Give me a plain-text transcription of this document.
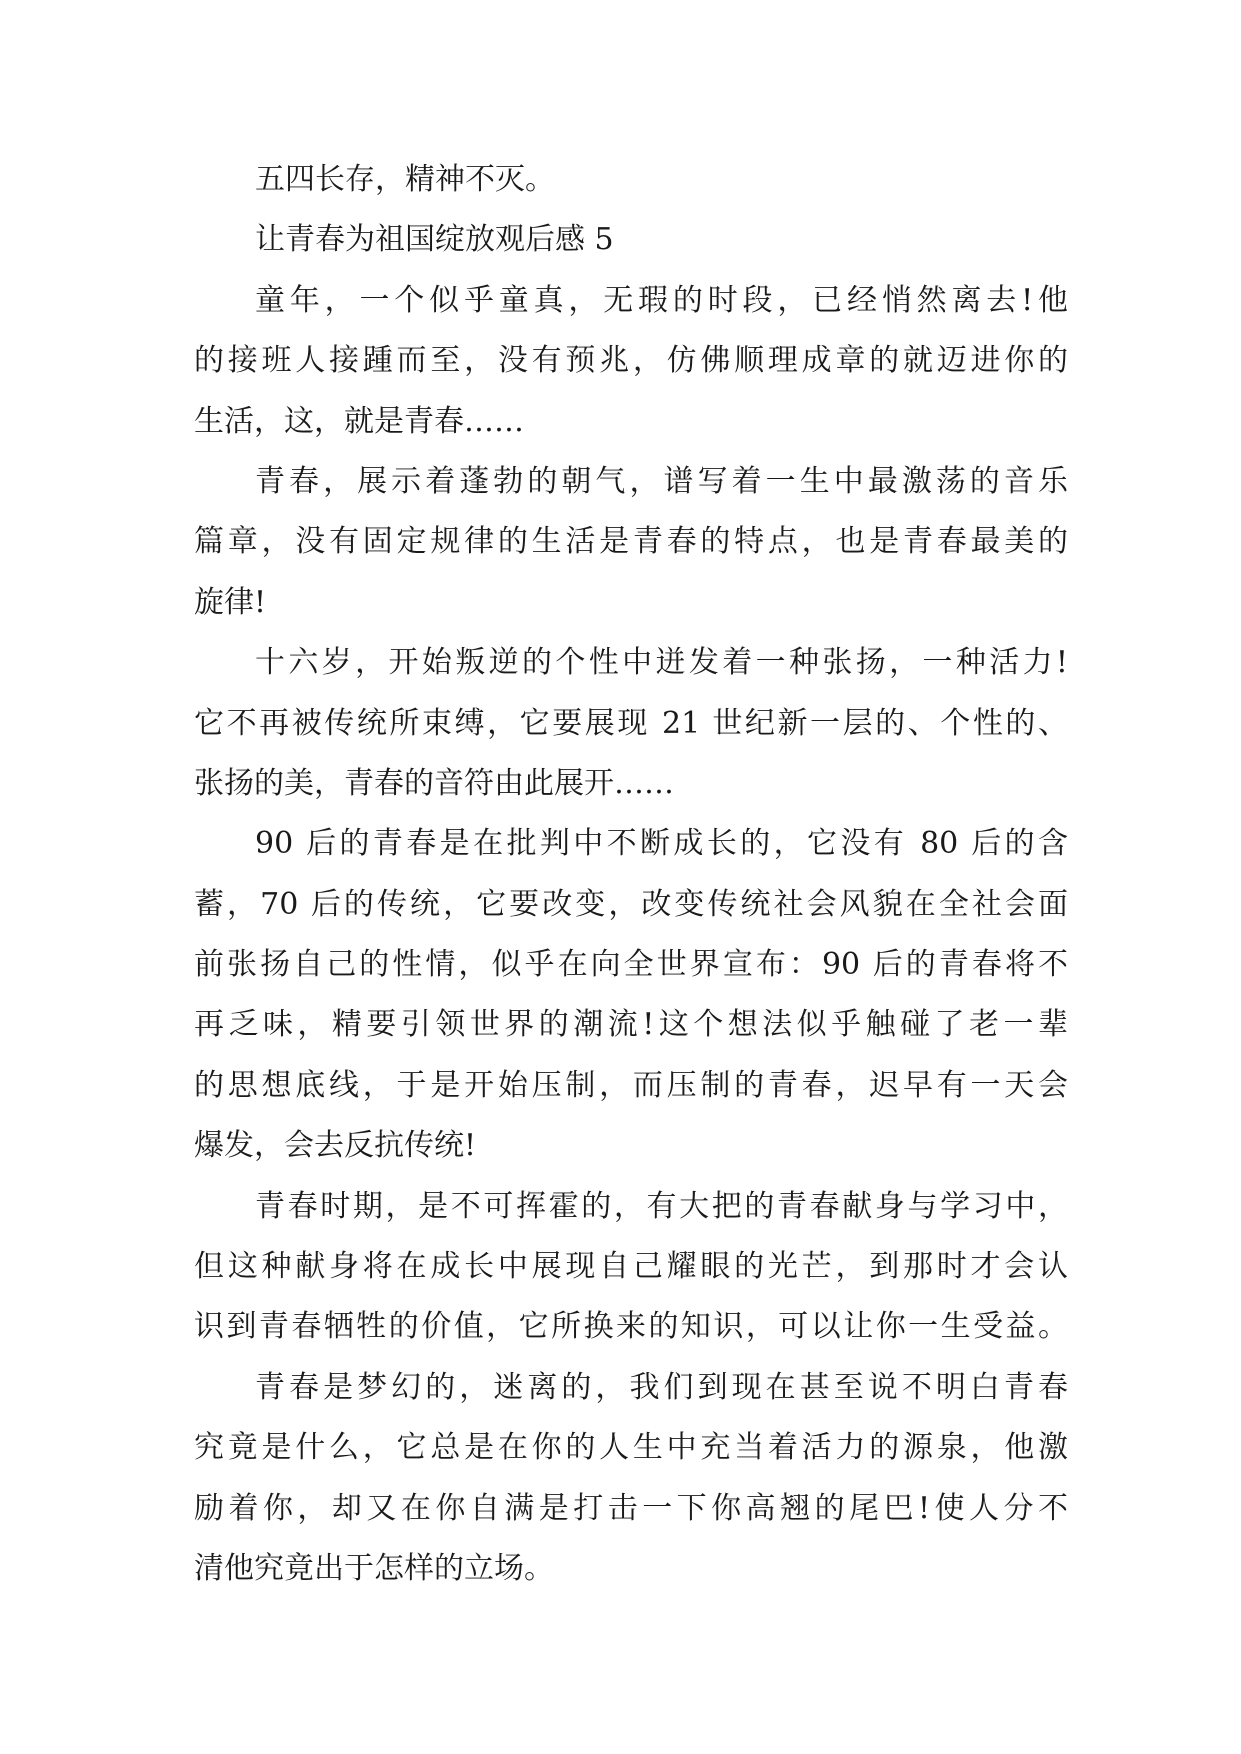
五四长存，精神不灭。
让青春为祖国绽放观后感 5
童年，一个似乎童真，无瑕的时段，已经悄然离去!他
的接班人接踵而至，没有预兆，仿佛顺理成章的就迈进你的
生活，这，就是青春……
青春，展示着蓬勃的朝气，谱写着一生中最激荡的音乐
篇章，没有固定规律的生活是青春的特点，也是青春最美的
旋律!
十六岁，开始叛逆的个性中迸发着一种张扬，一种活力!
它不再被传统所束缚，它要展现 21 世纪新一层的、个性的、
张扬的美，青春的音符由此展开……
90 后的青春是在批判中不断成长的，它没有 80 后的含
蓄，70 后的传统，它要改变，改变传统社会风貌在全社会面
前张扬自己的性情，似乎在向全世界宣布：90 后的青春将不
再乏味，精要引领世界的潮流!这个想法似乎触碰了老一辈
的思想底线，于是开始压制，而压制的青春，迟早有一天会
爆发，会去反抗传统!
青春时期，是不可挥霍的，有大把的青春献身与学习中，
但这种献身将在成长中展现自己耀眼的光芒，到那时才会认
识到青春牺牲的价值，它所换来的知识，可以让你一生受益。
青春是梦幻的，迷离的，我们到现在甚至说不明白青春
究竟是什么，它总是在你的人生中充当着活力的源泉，他激
励着你，却又在你自满是打击一下你高翘的尾巴!使人分不
清他究竟出于怎样的立场。
